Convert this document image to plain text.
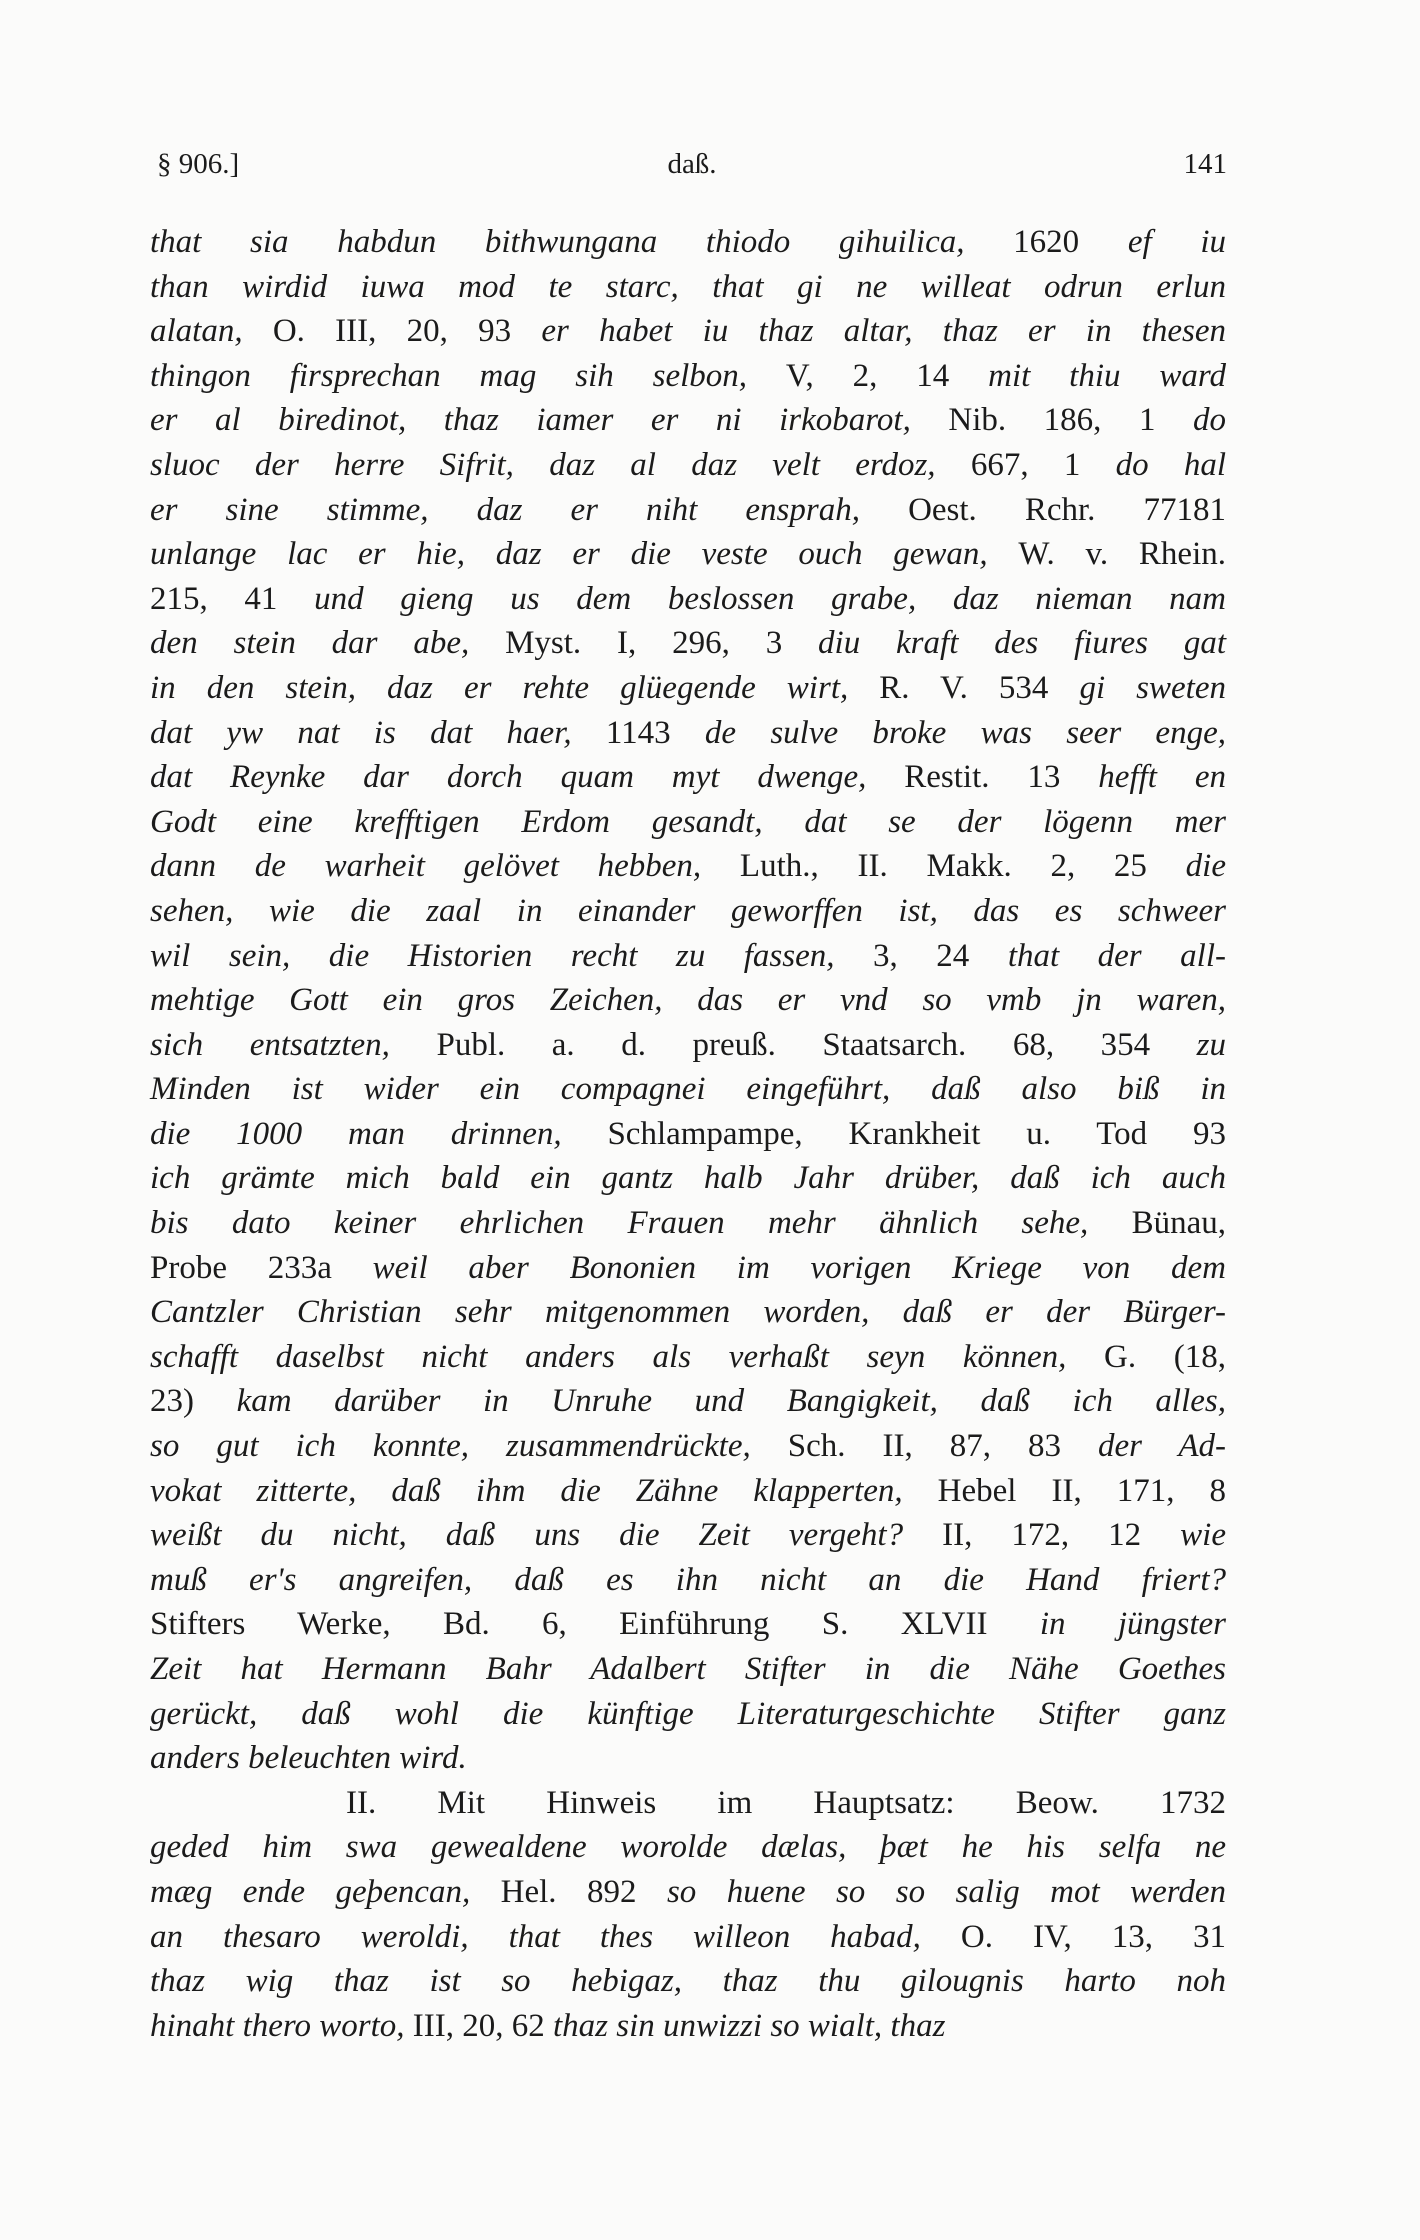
§ 906.]	daß.	141
that sia habdun bithwungana thiodo gihuilica, 1620 ef iu
than wirdid iuwa mod te starc, that gi ne willeat odrun erlun
alatan, O. III, 20, 93 er habet iu thaz altar, thaz er in thesen
thingon firsprechan mag sih selbon, V, 2, 14 mit thiu ward
er al biredinot, thaz iamer er ni irkobarot, Nib. 186, 1 do
sluoc der herre Sifrit, daz al daz velt erdoz, 667, 1 do hal
er sine stimme, daz er niht ensprah, Oest. Rchr. 77181
unlange lac er hie, daz er die veste ouch gewan, W. v. Rhein.
215, 41 und gieng us dem beslossen grabe, daz nieman nam
den stein dar abe, Myst. I, 296, 3 diu kraft des fiures gat
in den stein, daz er rehte glüegende wirt, R. V. 534 gi sweten
dat yw nat is dat haer, 1143 de sulve broke was seer enge,
dat Reynke dar dorch quam myt dwenge, Restit. 13 hefft en
Godt eine krefftigen Erdom gesandt, dat se der lögenn mer
dann de warheit gelövet hebben, Luth., II. Makk. 2, 25 die
sehen, wie die zaal in einander geworffen ist, das es schweer
wil sein, die Historien recht zu fassen, 3, 24 that der all-
mehtige Gott ein gros Zeichen, das er vnd so vmb jn waren,
sich entsatzten, Publ. a. d. preuß. Staatsarch. 68, 354 zu
Minden ist wider ein compagnei eingeführt, daß also biß in
die 1000 man drinnen, Schlampampe, Krankheit u. Tod 93
ich grämte mich bald ein gantz halb Jahr drüber, daß ich auch
bis dato keiner ehrlichen Frauen mehr ähnlich sehe, Bünau,
Probe 233a weil aber Bononien im vorigen Kriege von dem
Cantzler Christian sehr mitgenommen worden, daß er der Bürger-
schafft daselbst nicht anders als verhaßt seyn können, G. (18,
23) kam darüber in Unruhe und Bangigkeit, daß ich alles,
so gut ich konnte, zusammendrückte, Sch. II, 87, 83 der Ad-
vokat zitterte, daß ihm die Zähne klapperten, Hebel II, 171, 8
weißt du nicht, daß uns die Zeit vergeht? II, 172, 12 wie
muß er's angreifen, daß es ihn nicht an die Hand friert?
Stifters Werke, Bd. 6, Einführung S. XLVII in jüngster
Zeit hat Hermann Bahr Adalbert Stifter in die Nähe Goethes
gerückt, daß wohl die künftige Literaturgeschichte Stifter ganz
anders beleuchten wird.
II. Mit Hinweis im Hauptsatz: Beow. 1732
geded him swa gewealdene worolde dælas, þæt he his selfa ne
mæg ende geþencan, Hel. 892 so huene so so salig mot werden
an thesaro weroldi, that thes willeon habad, O. IV, 13, 31
thaz wig thaz ist so hebigaz, thaz thu gilougnis harto noh
hinaht thero worto, III, 20, 62 thaz sin unwizzi so wialt, thaz
